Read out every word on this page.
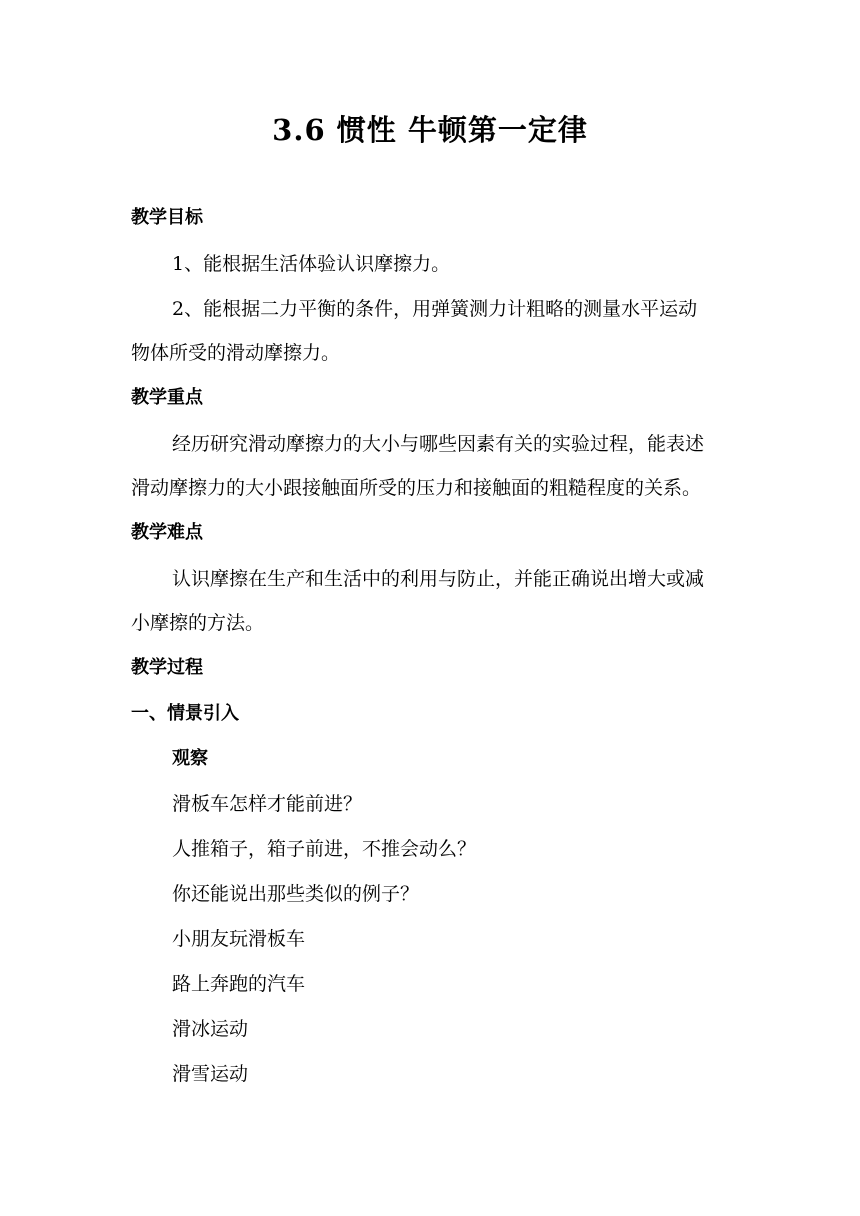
3.6 惯性 牛顿第一定律

教学目标

1、能根据生活体验认识摩擦力。

2、能根据二力平衡的条件，用弹簧测力计粗略的测量水平运动

物体所受的滑动摩擦力。

教学重点

经历研究滑动摩擦力的大小与哪些因素有关的实验过程，能表述

滑动摩擦力的大小跟接触面所受的压力和接触面的粗糙程度的关系。

教学难点

认识摩擦在生产和生活中的利用与防止，并能正确说出增大或减

小摩擦的方法。

教学过程

一、情景引入

观察

滑板车怎样才能前进？

人推箱子，箱子前进，不推会动么？

你还能说出那些类似的例子？

小朋友玩滑板车

路上奔跑的汽车

滑冰运动

滑雪运动
